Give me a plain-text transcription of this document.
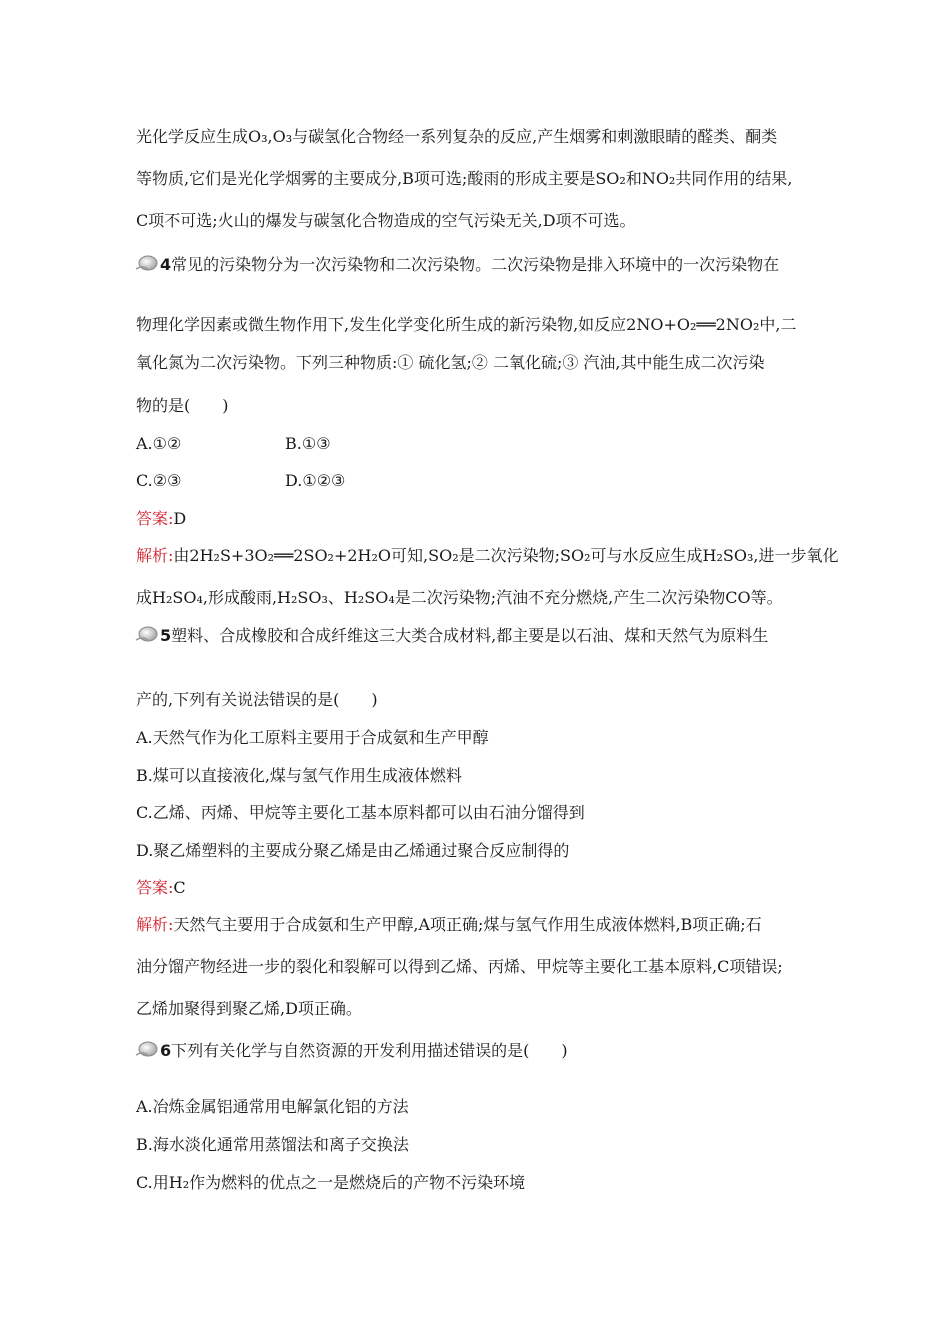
光化学反应生成O₃,O₃与碳氢化合物经一系列复杂的反应,产生烟雾和刺激眼睛的醛类、酮类
等物质,它们是光化学烟雾的主要成分,B项可选;酸雨的形成主要是SO₂和NO₂共同作用的结果,
C项不可选;火山的爆发与碳氢化合物造成的空气污染无关,D项不可选。
4常见的污染物分为一次污染物和二次污染物。二次污染物是排入环境中的一次污染物在
物理化学因素或微生物作用下,发生化学变化所生成的新污染物,如反应2NO+O₂══2NO₂中,二
氧化氮为二次污染物。下列三种物质:① 硫化氢;② 二氧化硫;③ 汽油,其中能生成二次污染
物的是(　　)
A.①②	B.①③
C.②③	D.①②③
答案:D
解析:由2H₂S+3O₂══2SO₂+2H₂O可知,SO₂是二次污染物;SO₂可与水反应生成H₂SO₃,进一步氧化
成H₂SO₄,形成酸雨,H₂SO₃、H₂SO₄是二次污染物;汽油不充分燃烧,产生二次污染物CO等。
5塑料、合成橡胶和合成纤维这三大类合成材料,都主要是以石油、煤和天然气为原料生
产的,下列有关说法错误的是(　　)
A.天然气作为化工原料主要用于合成氨和生产甲醇
B.煤可以直接液化,煤与氢气作用生成液体燃料
C.乙烯、丙烯、甲烷等主要化工基本原料都可以由石油分馏得到
D.聚乙烯塑料的主要成分聚乙烯是由乙烯通过聚合反应制得的
答案:C
解析:天然气主要用于合成氨和生产甲醇,A项正确;煤与氢气作用生成液体燃料,B项正确;石
油分馏产物经进一步的裂化和裂解可以得到乙烯、丙烯、甲烷等主要化工基本原料,C项错误;
乙烯加聚得到聚乙烯,D项正确。
6下列有关化学与自然资源的开发利用描述错误的是(　　)
A.冶炼金属铝通常用电解氯化铝的方法
B.海水淡化通常用蒸馏法和离子交换法
C.用H₂作为燃料的优点之一是燃烧后的产物不污染环境
